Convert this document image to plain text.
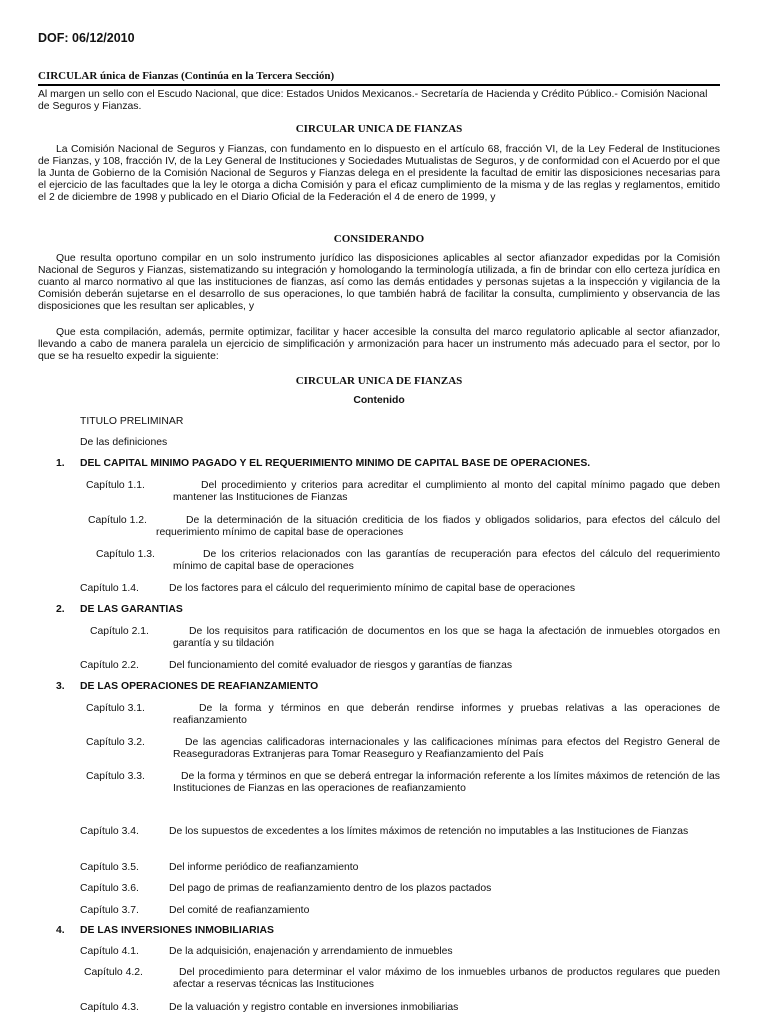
DOF: 06/12/2010
CIRCULAR única de Fianzas (Continúa en la Tercera Sección)
Al margen un sello con el Escudo Nacional, que dice: Estados Unidos Mexicanos.- Secretaría de Hacienda y Crédito Público.- Comisión Nacional de Seguros y Fianzas.
CIRCULAR UNICA DE FIANZAS
La Comisión Nacional de Seguros y Fianzas, con fundamento en lo dispuesto en el artículo 68, fracción VI, de la Ley Federal de Instituciones de Fianzas, y 108, fracción IV, de la Ley General de Instituciones y Sociedades Mutualistas de Seguros, y de conformidad con el Acuerdo por el que la Junta de Gobierno de la Comisión Nacional de Seguros y Fianzas delega en el presidente la facultad de emitir las disposiciones necesarias para el ejercicio de las facultades que la ley le otorga a dicha Comisión y para el eficaz cumplimiento de la misma y de las reglas y reglamentos, emitido el 2 de diciembre de 1998 y publicado en el Diario Oficial de la Federación el 4 de enero de 1999, y
CONSIDERANDO
Que resulta oportuno compilar en un solo instrumento jurídico las disposiciones aplicables al sector afianzador expedidas por la Comisión Nacional de Seguros y Fianzas, sistematizando su integración y homologando la terminología utilizada, a fin de brindar con ello certeza jurídica en cuanto al marco normativo al que las instituciones de fianzas, así como las demás entidades y personas sujetas a la inspección y vigilancia de la Comisión deberán sujetarse en el desarrollo de sus operaciones, lo que también habrá de facilitar la consulta, cumplimiento y observancia de las disposiciones que les resultan ser aplicables, y
Que esta compilación, además, permite optimizar, facilitar y hacer accesible la consulta del marco regulatorio aplicable al sector afianzador, llevando a cabo de manera paralela un ejercicio de simplificación y armonización para hacer un instrumento más adecuado para el sector, por lo que se ha resuelto expedir la siguiente:
CIRCULAR UNICA DE FIANZAS
Contenido
TITULO PRELIMINAR
De las definiciones
1. DEL CAPITAL MINIMO PAGADO Y EL REQUERIMIENTO MINIMO DE CAPITAL BASE DE OPERACIONES.
Capítulo 1.1.	Del procedimiento y criterios para acreditar el cumplimiento al monto del capital mínimo pagado que deben mantener las Instituciones de Fianzas
Capítulo 1.2.	De la determinación de la situación crediticia de los fiados y obligados solidarios, para efectos del cálculo del requerimiento mínimo de capital base de operaciones
Capítulo 1.3.	De los criterios relacionados con las garantías de recuperación para efectos del cálculo del requerimiento mínimo de capital base de operaciones
Capítulo 1.4.	De los factores para el cálculo del requerimiento mínimo de capital base de operaciones
2. DE LAS GARANTIAS
Capítulo 2.1.	De los requisitos para ratificación de documentos en los que se haga la afectación de inmuebles otorgados en garantía y su tildación
Capítulo 2.2.	Del funcionamiento del comité evaluador de riesgos y garantías de fianzas
3. DE LAS OPERACIONES DE REAFIANZAMIENTO
Capítulo 3.1.	De la forma y términos en que deberán rendirse informes y pruebas relativas a las operaciones de reafianzamiento
Capítulo 3.2.	De las agencias calificadoras internacionales y las calificaciones mínimas para efectos del Registro General de Reaseguradoras Extranjeras para Tomar Reaseguro y Reafianzamiento del País
Capítulo 3.3.	De la forma y términos en que se deberá entregar la información referente a los límites máximos de retención de las Instituciones de Fianzas en las operaciones de reafianzamiento
Capítulo 3.4.	De los supuestos de excedentes a los límites máximos de retención no imputables a las Instituciones de Fianzas
Capítulo 3.5.	Del informe periódico de reafianzamiento
Capítulo 3.6.	Del pago de primas de reafianzamiento dentro de los plazos pactados
Capítulo 3.7.	Del comité de reafianzamiento
4. DE LAS INVERSIONES INMOBILIARIAS
Capítulo 4.1.	De la adquisición, enajenación y arrendamiento de inmuebles
Capítulo 4.2.	Del procedimiento para determinar el valor máximo de los inmuebles urbanos de productos regulares que pueden afectar a reservas técnicas las Instituciones
Capítulo 4.3.	De la valuación y registro contable en inversiones inmobiliarias
